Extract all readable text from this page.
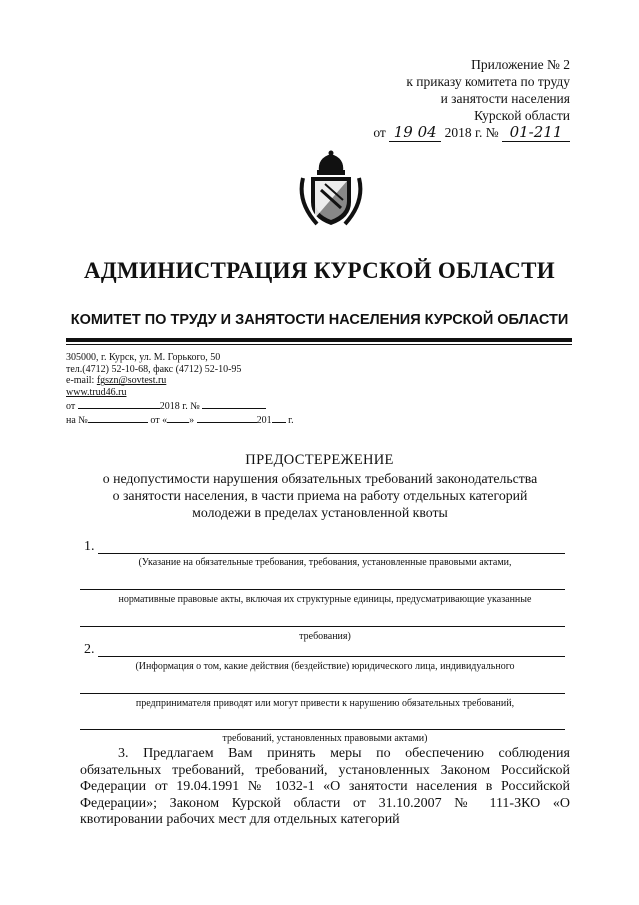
Приложение № 2
к приказу комитета по труду
и занятости населения
Курской области
от 19 04 2018 г. № 01-211
АДМИНИСТРАЦИЯ КУРСКОЙ ОБЛАСТИ
КОМИТЕТ ПО ТРУДУ И ЗАНЯТОСТИ НАСЕЛЕНИЯ КУРСКОЙ ОБЛАСТИ
305000, г. Курск, ул. М. Горького, 50
тел.(4712) 52-10-68, факс (4712) 52-10-95
e-mail: fgszn@sovtest.ru
www.trud46.ru
от	2018 г. №
на №	от « »	201 г.
ПРЕДОСТЕРЕЖЕНИЕ
о недопустимости нарушения обязательных требований законодательства
о занятости населения, в части приема на работу отдельных категорий
молодежи в пределах установленной квоты
1.
(Указание на обязательные требования, требования, установленные правовыми актами,
нормативные правовые акты, включая их структурные единицы, предусматривающие указанные
требования)
2.
(Информация о том, какие действия (бездействие) юридического лица, индивидуального
предпринимателя приводят или могут привести к нарушению обязательных требований,
требований, установленных правовыми актами)
3. Предлагаем Вам принять меры по обеспечению соблюдения обязательных требований, требований, установленных Законом Российской Федерации от 19.04.1991 № 1032-1 «О занятости населения в Российской Федерации»; Законом Курской области от 31.10.2007 № 111-ЗКО «О квотировании рабочих мест для отдельных категорий
